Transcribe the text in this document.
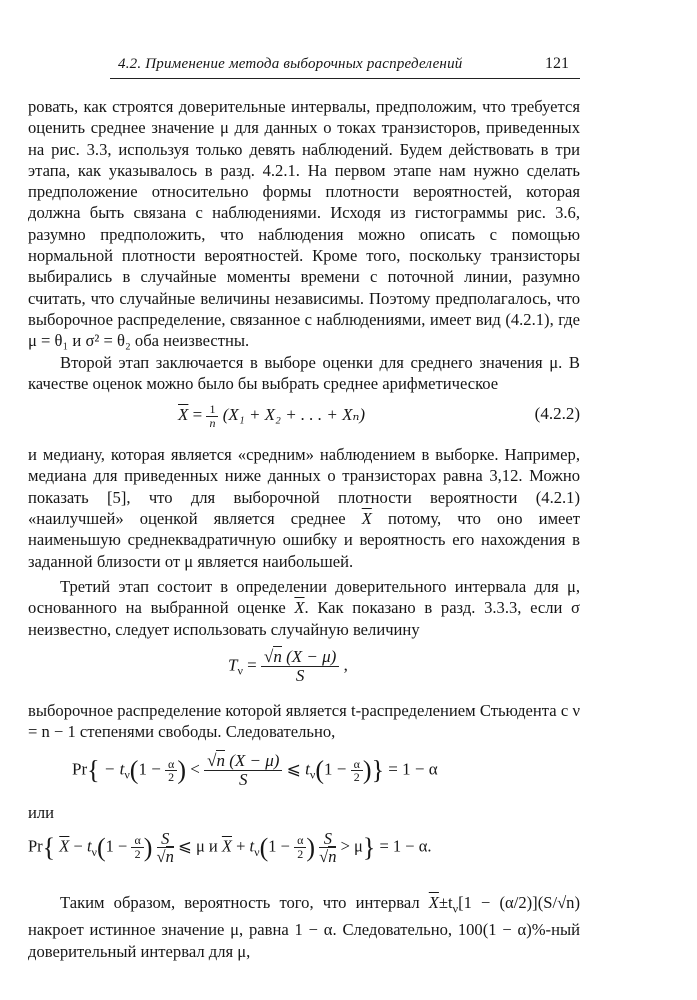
4.2. Применение метода выборочных распределений	121

ровать, как строятся доверительные интервалы, предположим, что требуется оценить среднее значение μ для данных о токах транзисторов, приведенных на рис. 3.3, используя только девять наблюдений. Будем действовать в три этапа, как указывалось в разд. 4.2.1. На первом этапе нам нужно сделать предположение относительно формы плотности вероятностей, которая должна быть связана с наблюдениями. Исходя из гистограммы рис. 3.6, разумно предположить, что наблюдения можно описать с помощью нормальной плотности вероятностей. Кроме того, поскольку транзисторы выбирались в случайные моменты времени с поточной линии, разумно считать, что случайные величины независимы. Поэтому предполагалось, что выборочное распределение, связанное с наблюдениями, имеет вид (4.2.1), где μ = θ₁ и σ² = θ₂ оба неизвестны.

Второй этап заключается в выборе оценки для среднего значения μ. В качестве оценок можно было бы выбрать среднее арифметическое

$\overline{X} = \frac{1}{n} (X_1 + X_2$ + . . . + Xₙ)	(4.2.2)

и медиану, которая является «средним» наблюдением в выборке. Например, медиана для приведенных ниже данных о транзисторах равна 3,12. Можно показать [5], что для выборочной плотности вероятности (4.2.1) «наилучшей» оценкой является среднее $\overline{X}$ потому, что оно имеет наименьшую среднеквадратичную ошибку и вероятность его нахождения в заданной близости от μ является наибольшей.

Третий этап состоит в определении доверительного интервала для μ, основанного на выбранной оценке $\overline{X}$. Как показано в разд. 3.3.3, если σ неизвестно, следует использовать случайную величину

$T_\nu = \frac{√n (X - \mu)}{S}$ ,

выборочное распределение которой является t-распределением Стьюдента с ν = n − 1 степенями свободы. Следовательно,

$Pr\{ - t_\nu(1 - \frac{\alpha}{2}$ ) < $\frac{√n (X - \mu)}{S}$ ⩽ $t_\nu(1 - \frac{\alpha}{2}$ )} = 1 − α

или

Pr{ $\overline{X} - t_\nu(1 - \frac{\alpha}{2}$ ) $\frac{S}{√n}$ ⩽ μ и $\overline{X} + t_\nu(1 - \frac{\alpha}{2}$ ) $\frac{S}{√n} > \mu\} = 1 - \alpha$.

Таким образом, вероятность того, что интервал $\overline{X}\pm t_\nu[1 - (\alpha/2)](S/√n)$ накроет истинное значение μ, равна 1 − α. Следовательно, 100(1 − α)%-ный доверительный интервал для μ,
